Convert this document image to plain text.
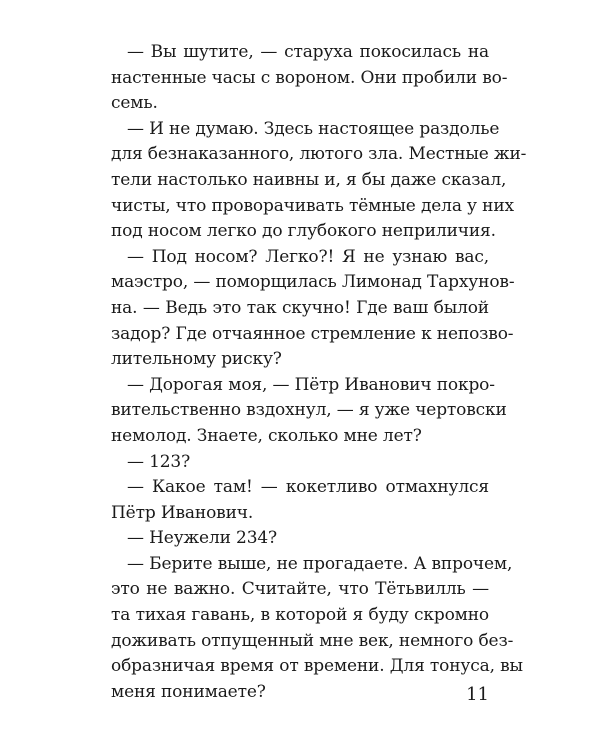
— Вы шутите, — старуха покосилась на
настенные часы с вороном. Они пробили во-
семь.
— И не думаю. Здесь настоящее раздолье
для безнаказанного, лютого зла. Местные жи-
тели настолько наивны и, я бы даже сказал,
чисты, что проворачивать тёмные дела у них
под носом легко до глубокого неприличия.
— Под носом? Легко?! Я не узнаю вас,
маэстро, — поморщилась Лимонад Тархунов-
на. — Ведь это так скучно! Где ваш былой
задор? Где отчаянное стремление к непозво-
лительному риску?
— Дорогая моя, — Пётр Иванович покро-
вительственно вздохнул, — я уже чертовски
немолод. Знаете, сколько мне лет?
— 123?
— Какое там! — кокетливо отмахнулся
Пётр Иванович.
— Неужели 234?
— Берите выше, не прогадаете. А впрочем,
это не важно. Считайте, что Тётьвилль —
та тихая гавань, в которой я буду скромно
доживать отпущенный мне век, немного без-
образничая время от времени. Для тонуса, вы
меня понимаете?	11
